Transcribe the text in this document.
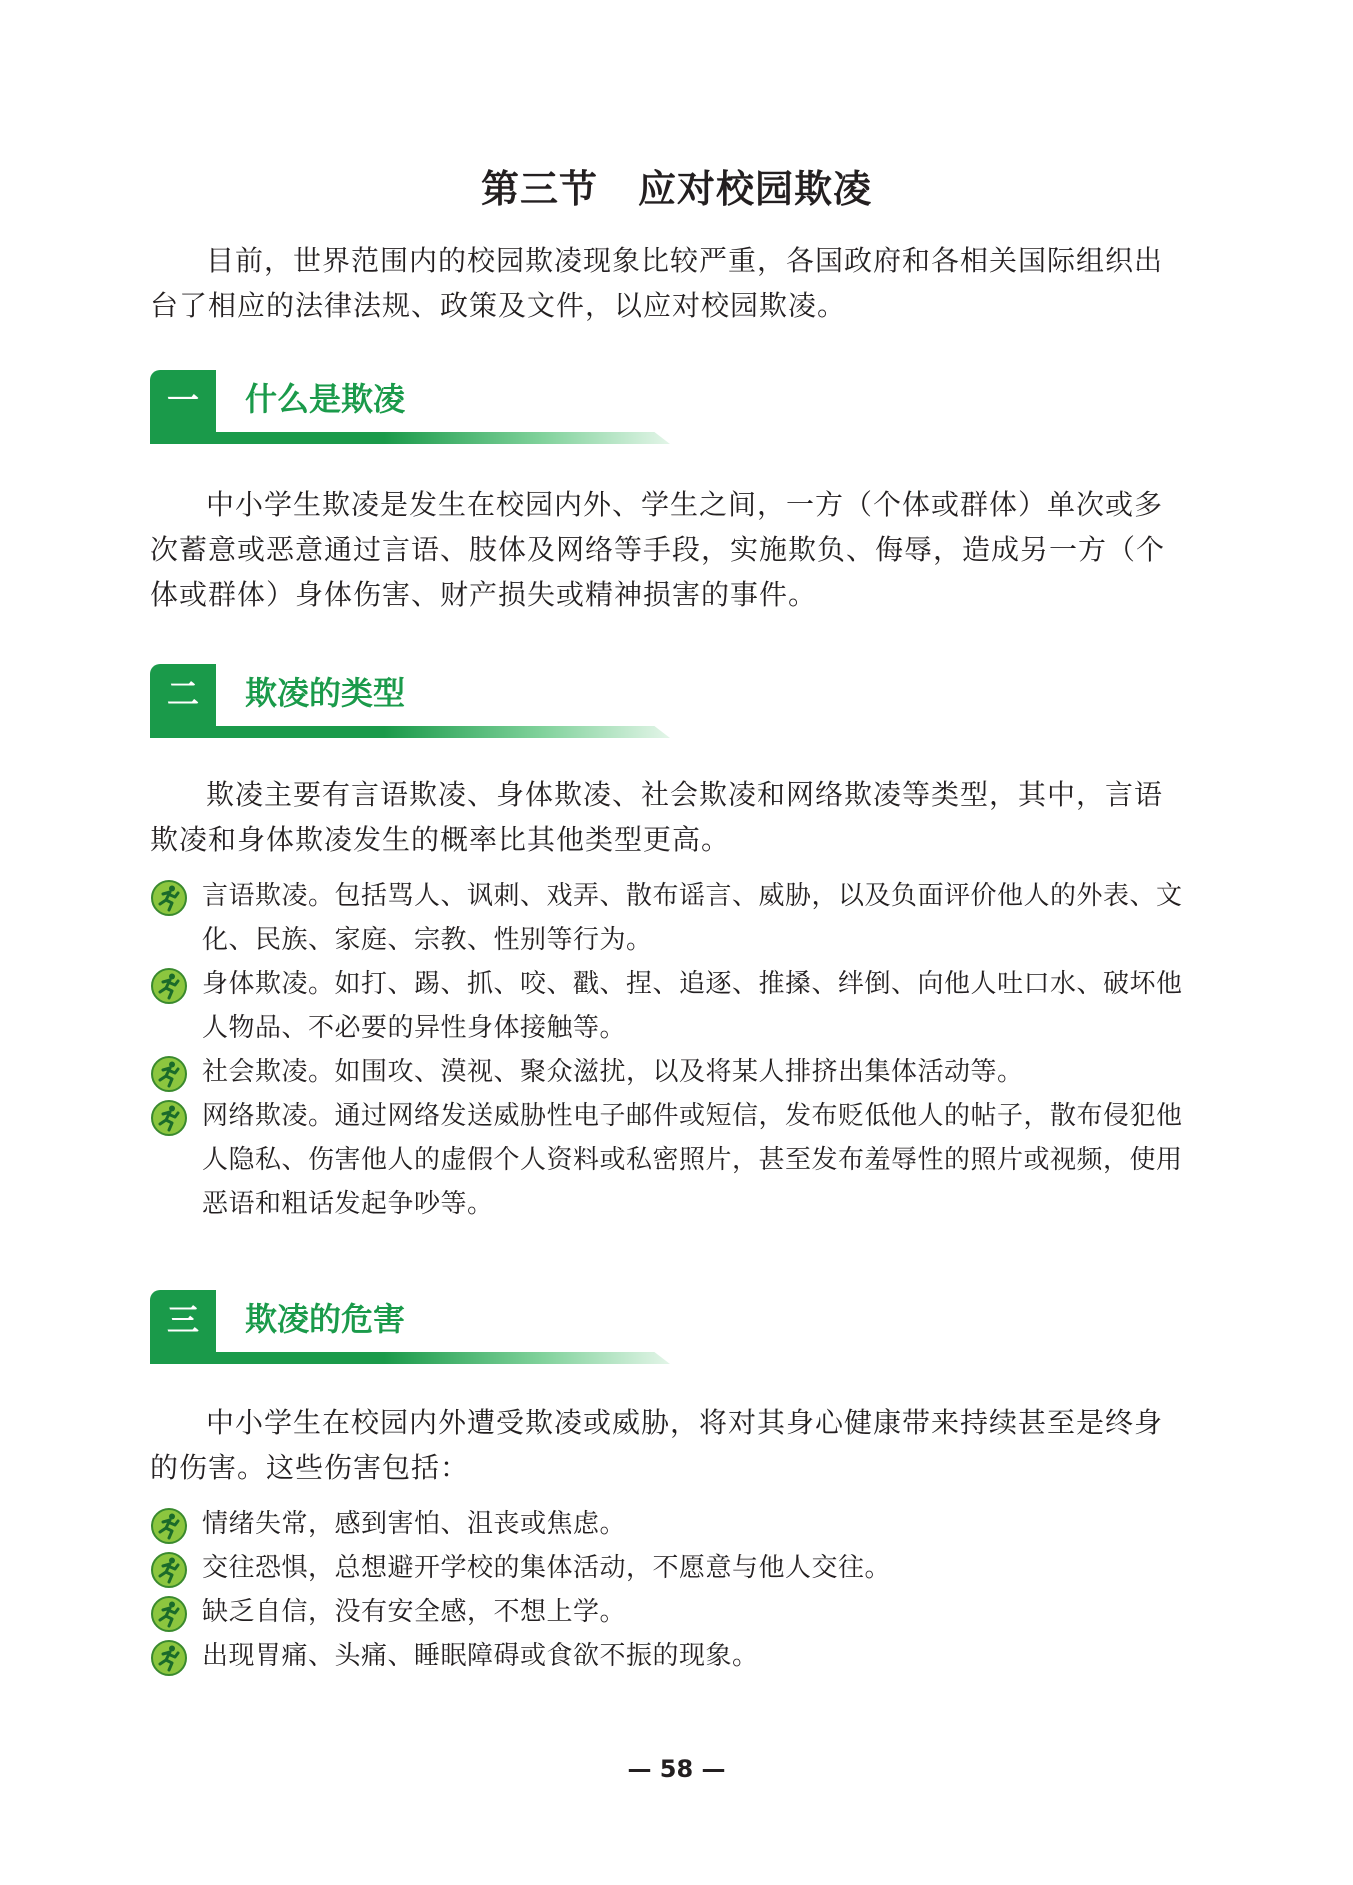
第三节 应对校园欺凌

目前，世界范围内的校园欺凌现象比较严重，各国政府和各相关国际组织出台了相应的法律法规、政策及文件，以应对校园欺凌。

一	什么是欺凌

中小学生欺凌是发生在校园内外、学生之间，一方（个体或群体）单次或多次蓄意或恶意通过言语、肢体及网络等手段，实施欺负、侮辱，造成另一方（个体或群体）身体伤害、财产损失或精神损害的事件。

二	欺凌的类型

欺凌主要有言语欺凌、身体欺凌、社会欺凌和网络欺凌等类型，其中，言语欺凌和身体欺凌发生的概率比其他类型更高。

言语欺凌。包括骂人、讽刺、戏弄、散布谣言、威胁，以及负面评价他人的外表、文化、民族、家庭、宗教、性别等行为。
身体欺凌。如打、踢、抓、咬、戳、捏、追逐、推搡、绊倒、向他人吐口水、破坏他人物品、不必要的异性身体接触等。
社会欺凌。如围攻、漠视、聚众滋扰，以及将某人排挤出集体活动等。
网络欺凌。通过网络发送威胁性电子邮件或短信，发布贬低他人的帖子，散布侵犯他人隐私、伤害他人的虚假个人资料或私密照片，甚至发布羞辱性的照片或视频，使用恶语和粗话发起争吵等。
三	欺凌的危害

中小学生在校园内外遭受欺凌或威胁，将对其身心健康带来持续甚至是终身的伤害。这些伤害包括：

情绪失常，感到害怕、沮丧或焦虑。
交往恐惧，总想避开学校的集体活动，不愿意与他人交往。
缺乏自信，没有安全感，不想上学。
出现胃痛、头痛、睡眠障碍或食欲不振的现象。
— 58 —
